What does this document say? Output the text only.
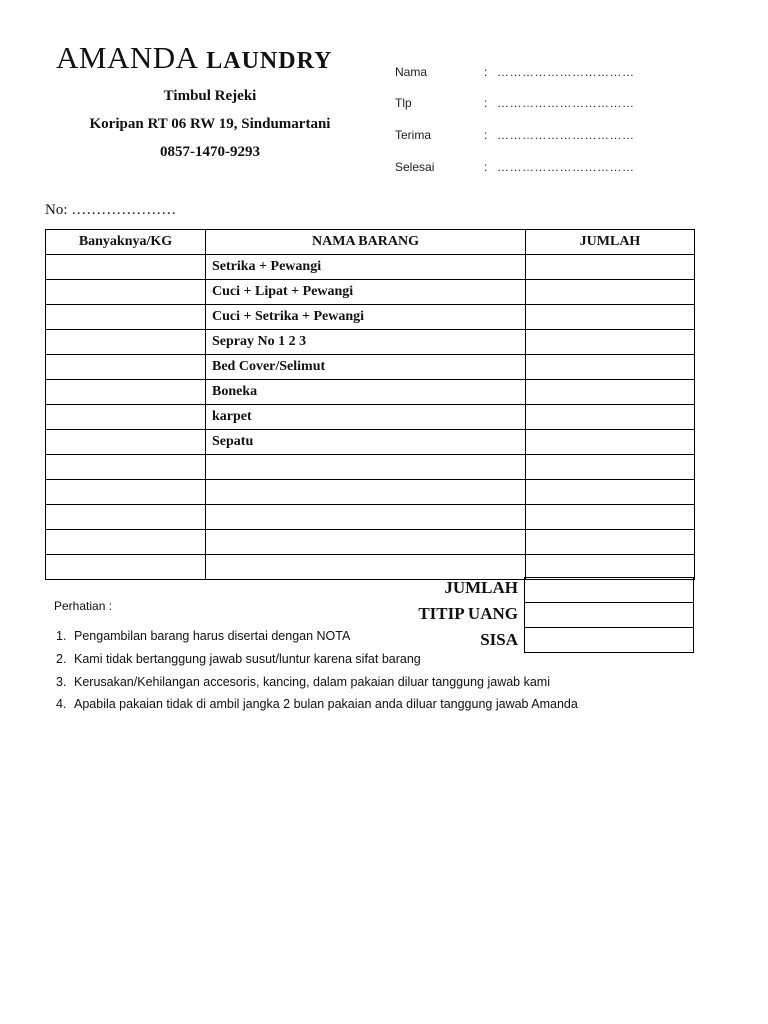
AMANDA LAUNDRY
Timbul Rejeki
Koripan RT 06 RW 19, Sindumartani
0857-1470-9293
Nama	: ……………………………
Tlp	: ……………………………
Terima	: ……………………………
Selesai	: ……………………………
No: …………………
Banyaknya/KG	NAMA BARANG	JUMLAH
	Setrika + Pewangi	
	Cuci + Lipat + Pewangi	
	Cuci + Setrika + Pewangi	
	Sepray No 1 2 3	
	Bed Cover/Selimut	
	Boneka	
	karpet	
	Sepatu	

JUMLAH
TITIP UANG
SISA

Perhatian :
1. Pengambilan barang harus disertai dengan NOTA
2. Kami tidak bertanggung jawab susut/luntur karena sifat barang
3. Kerusakan/Kehilangan accesoris, kancing, dalam pakaian diluar tanggung jawab kami
4. Apabila pakaian tidak di ambil jangka 2 bulan pakaian anda diluar tanggung jawab Amanda
